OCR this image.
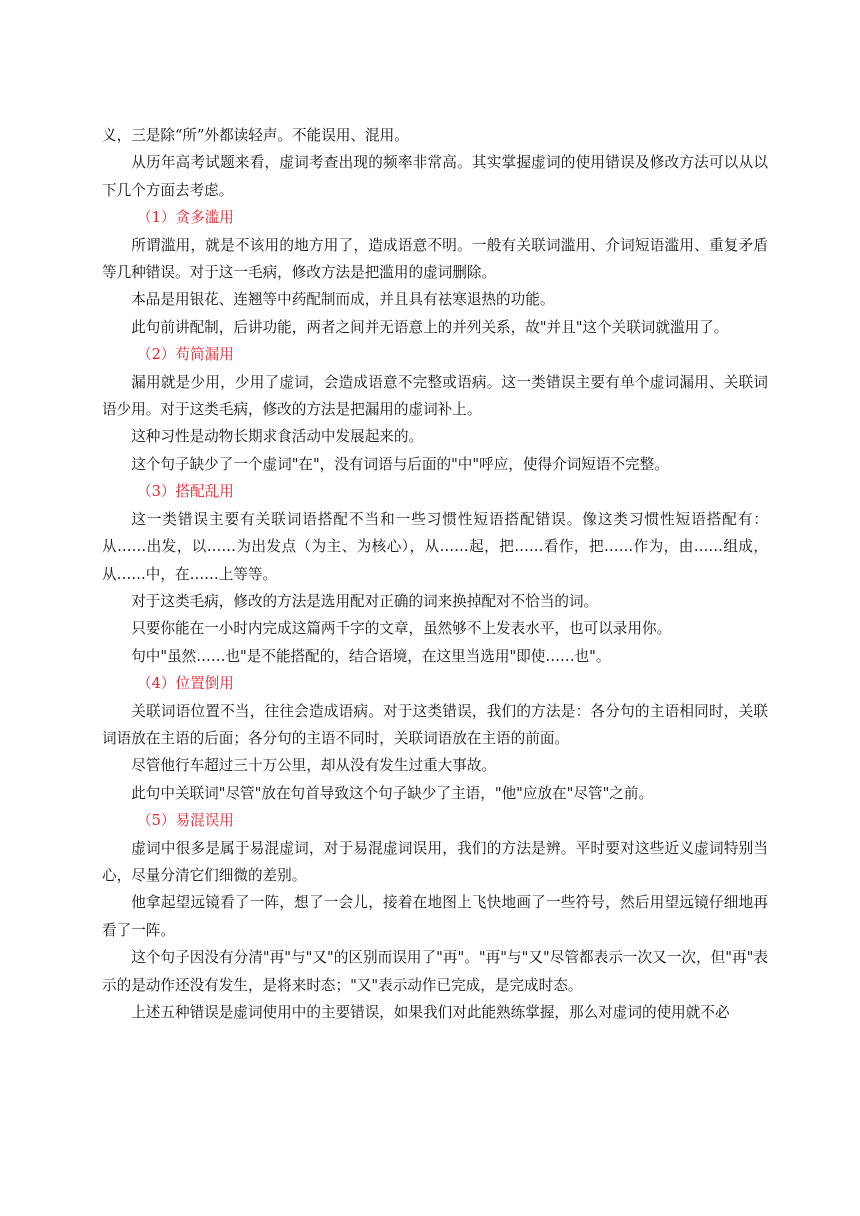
义，三是除“所”外都读轻声。不能误用、混用。

从历年高考试题来看，虚词考查出现的频率非常高。其实掌握虚词的使用错误及修改方法可以从以下几个方面去考虑。

（1）贪多滥用

所谓滥用，就是不该用的地方用了，造成语意不明。一般有关联词滥用、介词短语滥用、重复矛盾等几种错误。对于这一毛病，修改方法是把滥用的虚词删除。

本品是用银花、连翘等中药配制而成，并且具有祛寒退热的功能。

此句前讲配制，后讲功能，两者之间并无语意上的并列关系，故"并且"这个关联词就滥用了。

（2）苟简漏用

漏用就是少用，少用了虚词，会造成语意不完整或语病。这一类错误主要有单个虚词漏用、关联词语少用。对于这类毛病，修改的方法是把漏用的虚词补上。

这种习性是动物长期求食活动中发展起来的。

这个句子缺少了一个虚词"在"，没有词语与后面的"中"呼应，使得介词短语不完整。

（3）搭配乱用

这一类错误主要有关联词语搭配不当和一些习惯性短语搭配错误。像这类习惯性短语搭配有：从……出发，以……为出发点（为主、为核心），从……起，把……看作，把……作为，由……组成，从……中，在……上等等。

对于这类毛病，修改的方法是选用配对正确的词来换掉配对不恰当的词。

只要你能在一小时内完成这篇两千字的文章，虽然够不上发表水平，也可以录用你。

句中"虽然……也"是不能搭配的，结合语境，在这里当选用"即使……也"。

（4）位置倒用

关联词语位置不当，往往会造成语病。对于这类错误，我们的方法是：各分句的主语相同时，关联词语放在主语的后面；各分句的主语不同时，关联词语放在主语的前面。

尽管他行车超过三十万公里，却从没有发生过重大事故。

此句中关联词"尽管"放在句首导致这个句子缺少了主语，"他"应放在"尽管"之前。

（5）易混误用

虚词中很多是属于易混虚词，对于易混虚词误用，我们的方法是辨。平时要对这些近义虚词特别当心，尽量分清它们细微的差别。

他拿起望远镜看了一阵，想了一会儿，接着在地图上飞快地画了一些符号，然后用望远镜仔细地再看了一阵。

这个句子因没有分清"再"与"又"的区别而误用了"再"。"再"与"又"尽管都表示一次又一次，但"再"表示的是动作还没有发生，是将来时态；"又"表示动作已完成，是完成时态。

上述五种错误是虚词使用中的主要错误，如果我们对此能熟练掌握，那么对虚词的使用就不必
